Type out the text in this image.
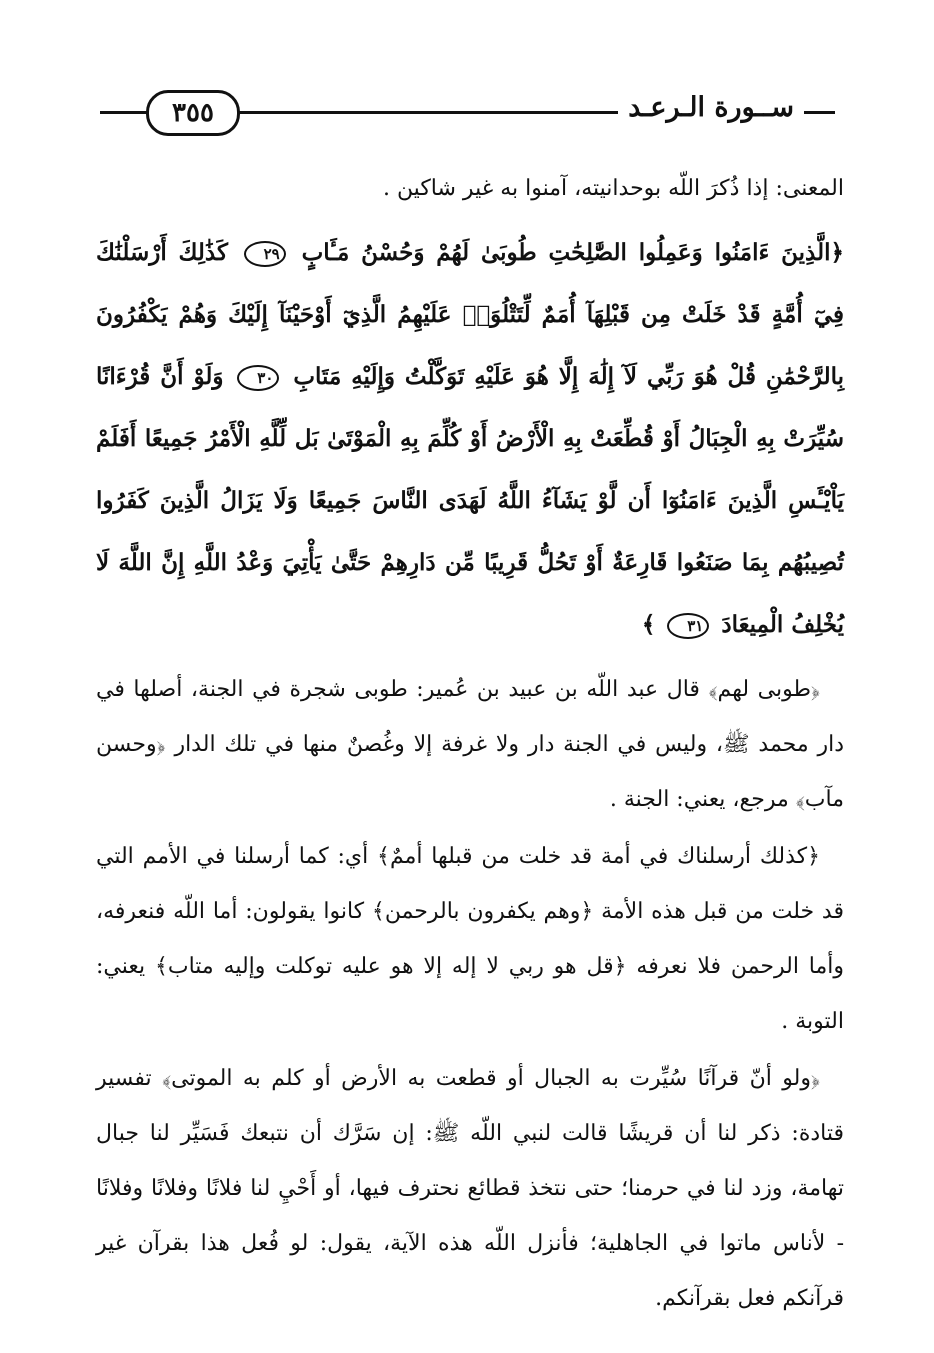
٣٥٥	ســورة الـرعـد

المعنى: إذا ذُكرَ اللّه بوحدانيته، آمنوا به غير شاكين .

﴿الَّذِينَ ءَامَنُوا وَعَمِلُوا الصَّٰلِحَٰتِ طُوبَىٰ لَهُمْ وَحُسْنُ مَـَٔابٍ ٢٩ كَذَٰلِكَ أَرْسَلْنَٰكَ فِيٓ أُمَّةٍ قَدْ خَلَتْ مِن قَبْلِهَآ أُمَمٌ لِّتَتْلُوَا۟ عَلَيْهِمُ الَّذِيٓ أَوْحَيْنَآ إِلَيْكَ وَهُمْ يَكْفُرُونَ بِالرَّحْمَٰنِ قُلْ هُوَ رَبِّي لَآ إِلَٰهَ إِلَّا هُوَ عَلَيْهِ تَوَكَّلْتُ وَإِلَيْهِ مَتَابِ ٣٠ وَلَوْ أَنَّ قُرْءَانًا سُيِّرَتْ بِهِ الْجِبَالُ أَوْ قُطِّعَتْ بِهِ الْأَرْضُ أَوْ كُلِّمَ بِهِ الْمَوْتَىٰ بَل لِّلَّهِ الْأَمْرُ جَمِيعًا أَفَلَمْ يَاْيْـَٔسِ الَّذِينَ ءَامَنُوٓا أَن لَّوْ يَشَآءُ اللَّهُ لَهَدَى النَّاسَ جَمِيعًا وَلَا يَزَالُ الَّذِينَ كَفَرُوا تُصِيبُهُم بِمَا صَنَعُوا قَارِعَةٌ أَوْ تَحُلُّ قَرِيبًا مِّن دَارِهِمْ حَتَّىٰ يَأْتِيَ وَعْدُ اللَّهِ إِنَّ اللَّهَ لَا يُخْلِفُ الْمِيعَادَ ٣١ ﴾

﴿طوبى لهم﴾ قال عبد اللّه بن عبيد بن عُمير: طوبى شجرة في الجنة، أصلها في دار محمد ﷺ، وليس في الجنة دار ولا غرفة إلا وغُصنٌ منها في تلك الدار ﴿وحسن مآب﴾ مرجع، يعني: الجنة .

﴿كذلك أرسلناك في أمة قد خلت من قبلها أممٌ﴾ أي: كما أرسلنا في الأمم التي قد خلت من قبل هذه الأمة ﴿وهم يكفرون بالرحمن﴾ كانوا يقولون: أما اللّه فنعرفه، وأما الرحمن فلا نعرفه ﴿قل هو ربي لا إله إلا هو عليه توكلت وإليه متاب﴾ يعني: التوبة .

﴿ولو أنّ قرآنًا سُيِّرت به الجبال أو قطعت به الأرض أو كلم به الموتى﴾ تفسير قتادة: ذكر لنا أن قريشًا قالت لنبي اللّه ﷺ: إن سَرَّك أن نتبعك فَسَيِّر لنا جبال تهامة، وزد لنا في حرمنا؛ حتى نتخذ قطائع نحترف فيها، أو أَحْيِ لنا فلانًا وفلانًا وفلانًا - لأناس ماتوا في الجاهلية؛ فأنزل اللّه هذه الآية، يقول: لو فُعل هذا بقرآن غير قرآنكم فعل بقرآنكم.
